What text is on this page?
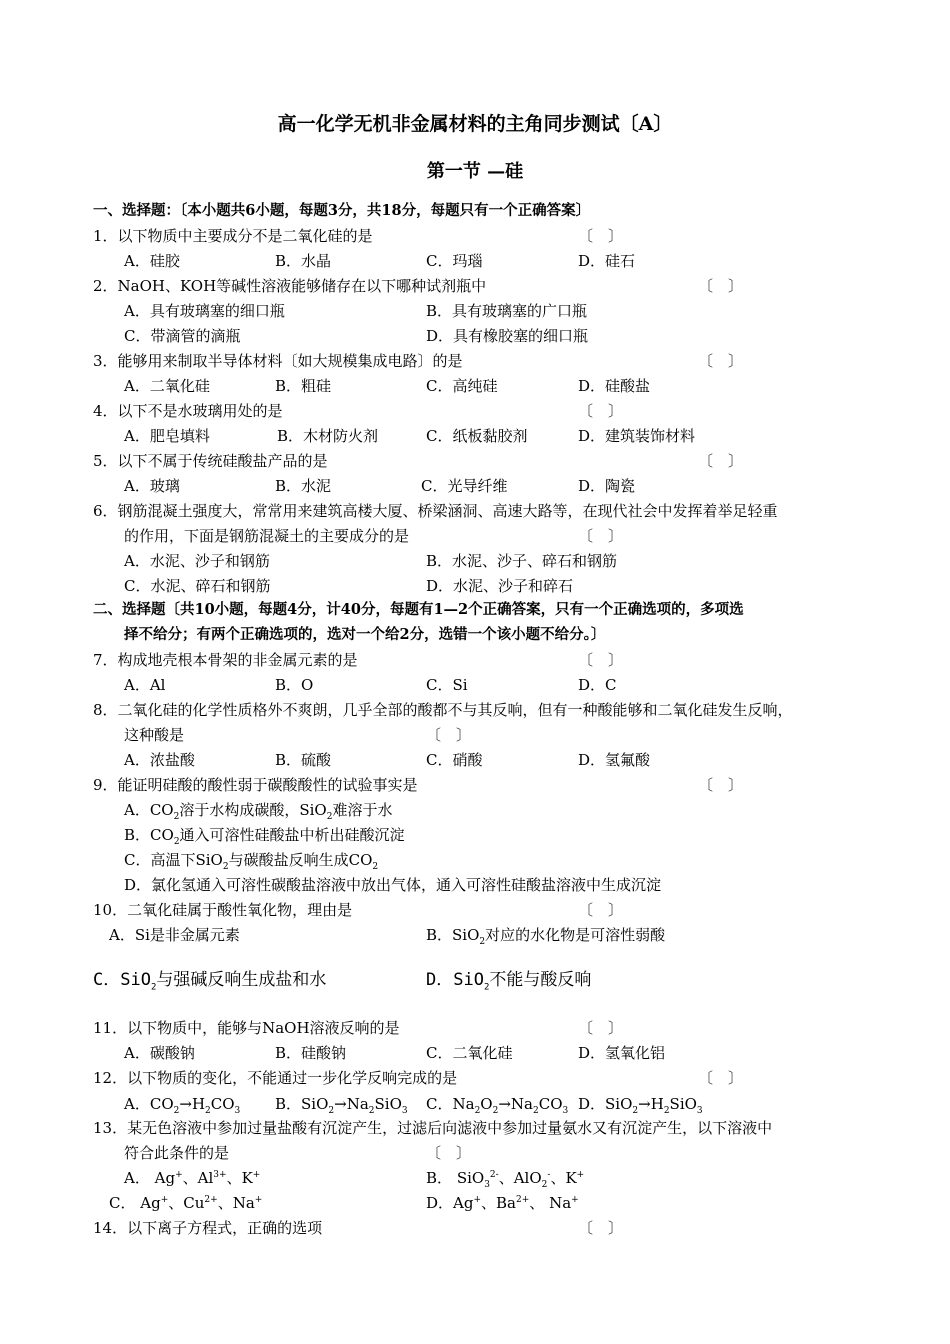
高一化学无机非金属材料的主角同步测试〔A〕
第一节 —硅
一、选择题：〔本小题共6小题，每题3分，共18分，每题只有一个正确答案〕
1．以下物质中主要成分不是二氧化硅的是	〔　〕
A．硅胶	B．水晶	C．玛瑙	D．硅石
2．NaOH、KOH等碱性溶液能够储存在以下哪种试剂瓶中	〔　〕
A．具有玻璃塞的细口瓶	B．具有玻璃塞的广口瓶
C．带滴管的滴瓶	D．具有橡胶塞的细口瓶
3．能够用来制取半导体材料〔如大规模集成电路〕的是	〔　〕
A．二氧化硅	B．粗硅	C．高纯硅	D．硅酸盐
4．以下不是水玻璃用处的是	〔　〕
A．肥皂填料	B．木材防火剂	C．纸板黏胶剂	D．建筑装饰材料
5．以下不属于传统硅酸盐产品的是	〔　〕
A．玻璃	B．水泥	C．光导纤维	D．陶瓷
6．钢筋混凝土强度大，常常用来建筑高楼大厦、桥梁涵洞、高速大路等，在现代社会中发挥着举足轻重
的作用，下面是钢筋混凝土的主要成分的是	〔　〕
A．水泥、沙子和钢筋	B．水泥、沙子、碎石和钢筋
C．水泥、碎石和钢筋	D．水泥、沙子和碎石
二、选择题〔共10小题，每题4分，计40分，每题有1—2个正确答案，只有一个正确选项的，多项选
择不给分；有两个正确选项的，选对一个给2分，选错一个该小题不给分。〕
7．构成地壳根本骨架的非金属元素的是	〔　〕
A．Al	B．O	C．Si	D．C
8．二氧化硅的化学性质格外不爽朗，几乎全部的酸都不与其反响，但有一种酸能够和二氧化硅发生反响，
这种酸是	〔　〕
A．浓盐酸	B．硫酸	C．硝酸	D．氢氟酸
9．能证明硅酸的酸性弱于碳酸酸性的试验事实是	〔　〕
A．$CO_2$溶于水构成碳酸，SiO$_2$难溶于水
B．$CO_2$通入可溶性硅酸盐中析出硅酸沉淀
C．高温下SiO$_2$与碳酸盐反响生成$CO_2$
D．氯化氢通入可溶性碳酸盐溶液中放出气体，通入可溶性硅酸盐溶液中生成沉淀
10．二氧化硅属于酸性氧化物，理由是	〔　〕
A．Si是非金属元素	B．SiO$_2$对应的水化物是可溶性弱酸
C．SiO$_2$与强碱反响生成盐和水	D．SiO$_2$不能与酸反响
11．以下物质中，能够与NaOH溶液反响的是	〔　〕
A．碳酸钠	B．硅酸钠	C．二氧化硅	D．氢氧化铝
12．以下物质的变化，不能通过一步化学反响完成的是	〔　〕
A．$CO_2\to H_2CO_3$ B．$SiO_2\to Na_2SiO_3$ C．$Na_2O_2\to Na_2CO_3$ D．$SiO_2\to H_2SiO_3$
13．某无色溶液中参加过量盐酸有沉淀产生，过滤后向滤液中参加过量氨水又有沉淀产生，以下溶液中
符合此条件的是	〔　〕
A． Ag+、$Al^{3+}$、K+	B． SiO$_3^{2-}$、AlO$_2$-、K+
C． Ag+、$Cu^{2+}$、Na+	D．Ag+、$Ba^{2+}$、 Na+
14．以下离子方程式，正确的选项	〔　〕
